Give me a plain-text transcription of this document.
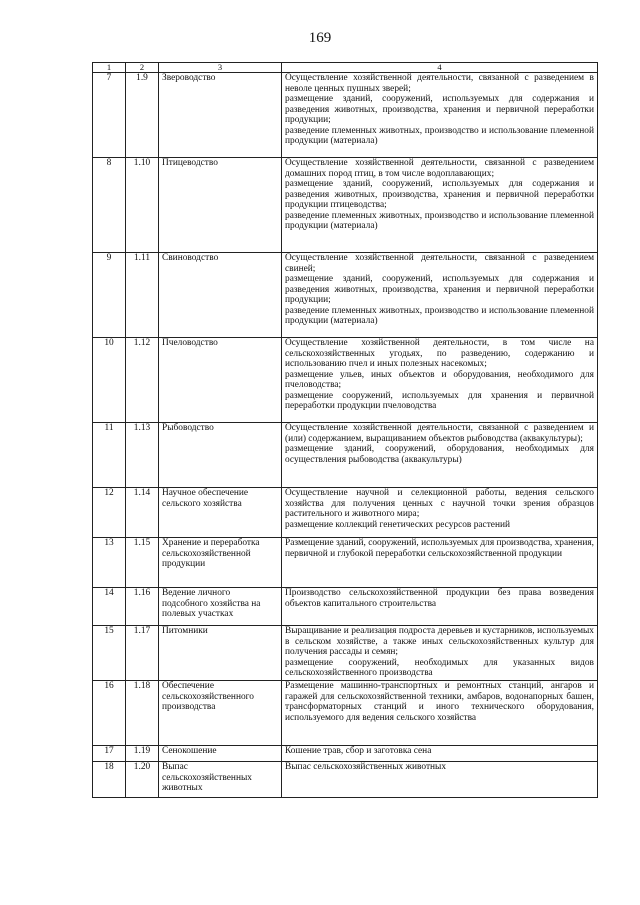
169
1	2	3	4
7	1.9	Звероводство	Осуществление хозяйственной деятельности, связанной с разведением в неволе ценных пушных зверей;
размещение зданий, сооружений, используемых для содержания и разведения животных, производства, хранения и первичной переработки продукции;
разведение племенных животных, производство и использование племенной продукции (материала)

8	1.10	Птицеводство	Осуществление хозяйственной деятельности, связанной с разведением домашних пород птиц, в том числе водоплавающих;
размещение зданий, сооружений, используемых для содержания и разведения животных, производства, хранения и первичной переработки продукции птицеводства;
разведение племенных животных, производство и использование племенной продукции (материала)

9	1.11	Свиноводство	Осуществление хозяйственной деятельности, связанной с разведением свиней;
размещение зданий, сооружений, используемых для содержания и разведения животных, производства, хранения и первичной переработки продукции;
разведение племенных животных, производство и использование племенной продукции (материала)

10	1.12	Пчеловодство	Осуществление хозяйственной деятельности, в том числе на сельскохозяйственных угодьях, по разведению, содержанию и использованию пчел и иных полезных насекомых;
размещение ульев, иных объектов и оборудования, необходимого для пчеловодства;
размещение сооружений, используемых для хранения и первичной переработки продукции пчеловодства

11	1.13	Рыбоводство	Осуществление хозяйственной деятельности, связанной с разведением и (или) содержанием, выращиванием объектов рыбоводства (аквакультуры);
размещение зданий, сооружений, оборудования, необходимых для осуществления рыбоводства (аквакультуры)

12	1.14	Научное обеспечение сельского хозяйства	Осуществление научной и селекционной работы, ведения сельского хозяйства для получения ценных с научной точки зрения образцов растительного и животного мира;
размещение коллекций генетических ресурсов растений

13	1.15	Хранение и переработка сельскохозяйственной продукции	Размещение зданий, сооружений, используемых для производства, хранения, первичной и глубокой переработки сельскохозяйственной продукции

14	1.16	Ведение личного подсобного хозяйства на полевых участках	Производство сельскохозяйственной продукции без права возведения объектов капитального строительства

15	1.17	Питомники	Выращивание и реализация подроста деревьев и кустарников, используемых в сельском хозяйстве, а также иных сельскохозяйственных культур для получения рассады и семян;
размещение сооружений, необходимых для указанных видов сельскохозяйственного производства

16	1.18	Обеспечение сельскохозяйственного производства	Размещение машинно-транспортных и ремонтных станций, ангаров и гаражей для сельскохозяйственной техники, амбаров, водонапорных башен, трансформаторных станций и иного технического оборудования, используемого для ведения сельского хозяйства

17	1.19	Сенокошение	Кошение трав, сбор и заготовка сена

18	1.20	Выпас сельскохозяйственных животных	Выпас сельскохозяйственных животных
